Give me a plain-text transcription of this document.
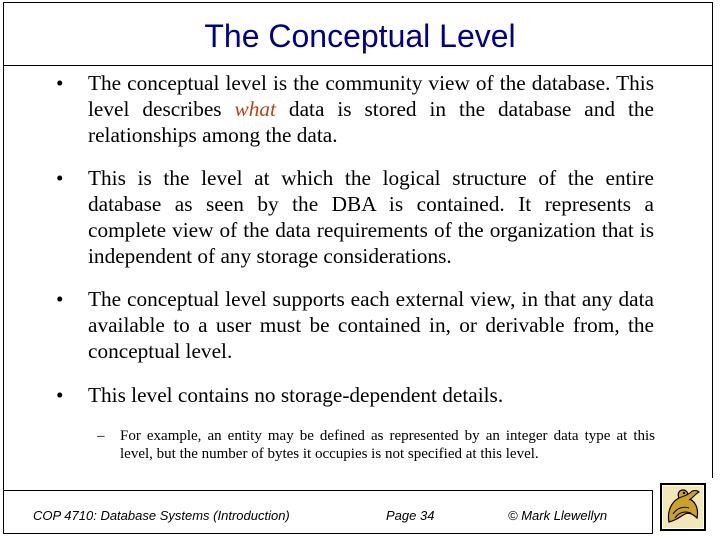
The Conceptual Level
• The conceptual level is the community view of the database. This level describes what data is stored in the database and the relationships among the data.
• This is the level at which the logical structure of the entire database as seen by the DBA is contained. It represents a complete view of the data requirements of the organization that is independent of any storage considerations.
• The conceptual level supports each external view, in that any data available to a user must be contained in, or derivable from, the conceptual level.
• This level contains no storage-dependent details.
– For example, an entity may be defined as represented by an integer data type at this level, but the number of bytes it occupies is not specified at this level.
COP 4710: Database Systems (Introduction)	Page 34	© Mark Llewellyn
